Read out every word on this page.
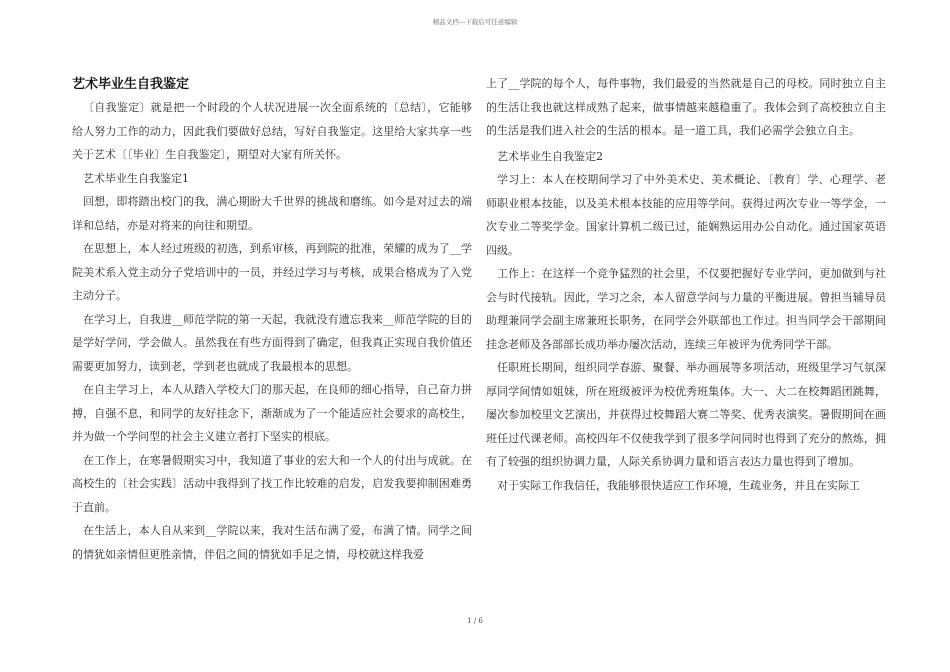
精品文档---下载后可任意编辑
艺术毕业生自我鉴定

〔自我鉴定〕就是把一个时段的个人状况进展一次全面系统的〔总结〕，它能够给人努力工作的动力，因此我们要做好总结，写好自我鉴定。这里给大家共享一些关于艺术〔〔毕业〕生自我鉴定〕，期望对大家有所关怀。

艺术毕业生自我鉴定1

回想，即将踏出校门的我，满心期盼大千世界的挑战和磨练。如今是对过去的端详和总结，亦是对将来的向往和期望。

在思想上，本人经过班级的初选，到系审核，再到院的批准，荣耀的成为了__学院美术系入党主动分子党培训中的一员，并经过学习与考核，成果合格成为了入党主动分子。

在学习上，自我进__师范学院的第一天起，我就没有遗忘我来__师范学院的目的是学好学问，学会做人。虽然我在有些方面得到了确定，但我真正实现自我价值还需要更加努力，读到老，学到老也就成了我最根本的思想。

在自主学习上，本人从踏入学校大门的那天起，在良师的细心指导，自己奋力拼搏，自强不息，和同学的友好挂念下，渐渐成为了一个能适应社会要求的高校生，并为做一个学问型的社会主义建立者打下坚实的根底。

在工作上，在寒暑假期实习中，我知道了事业的宏大和一个人的付出与成就。在高校生的〔社会实践〕活动中我得到了找工作比较难的启发，启发我要抑制困难勇于直前。

在生活上，本人自从来到__学院以来，我对生活布满了爱，布满了情。同学之间的情犹如亲情但更胜亲情，伴侣之间的情犹如手足之情，母校就这样我爱

上了__学院的每个人，每件事物，我们最爱的当然就是自己的母校。同时独立自主的生活让我也就这样成熟了起来，做事情越来越稳重了。我体会到了高校独立自主的生活是我们进入社会的生活的根本。是一道工具，我们必需学会独立自主。

艺术毕业生自我鉴定2

学习上：本人在校期间学习了中外美术史、美术概论、〔教育〕学、心理学、老师职业根本技能，以及美术根本技能的应用等学问。获得过两次专业一等学金，一次专业二等奖学金。国家计算机二级已过，能娴熟运用办公自动化。通过国家英语四级。

工作上：在这样一个竞争猛烈的社会里，不仅要把握好专业学问，更加做到与社会与时代接轨。因此，学习之余，本人留意学问与力量的平衡进展。曾担当辅导员助理兼同学会副主席兼班长职务，在同学会外联部也工作过。担当同学会干部期间挂念老师及各部部长成功举办屡次活动，连续三年被评为优秀同学干部。

任职班长期间，组织同学春游、聚餐、举办画展等多项活动，班级里学习气氛深厚同学间情如姐妹，所在班级被评为校优秀班集体。大一、大二在校舞蹈团跳舞，屡次参加校里文艺演出，并获得过校舞蹈大赛二等奖、优秀表演奖。暑假期间在画班任过代课老师。高校四年不仅使我学到了很多学问同时也得到了充分的熬炼，拥有了较强的组织协调力量，人际关系协调力量和语言表达力量也得到了增加。

对于实际工作我信任，我能够很快适应工作环境，生疏业务，并且在实际工

1 / 6
